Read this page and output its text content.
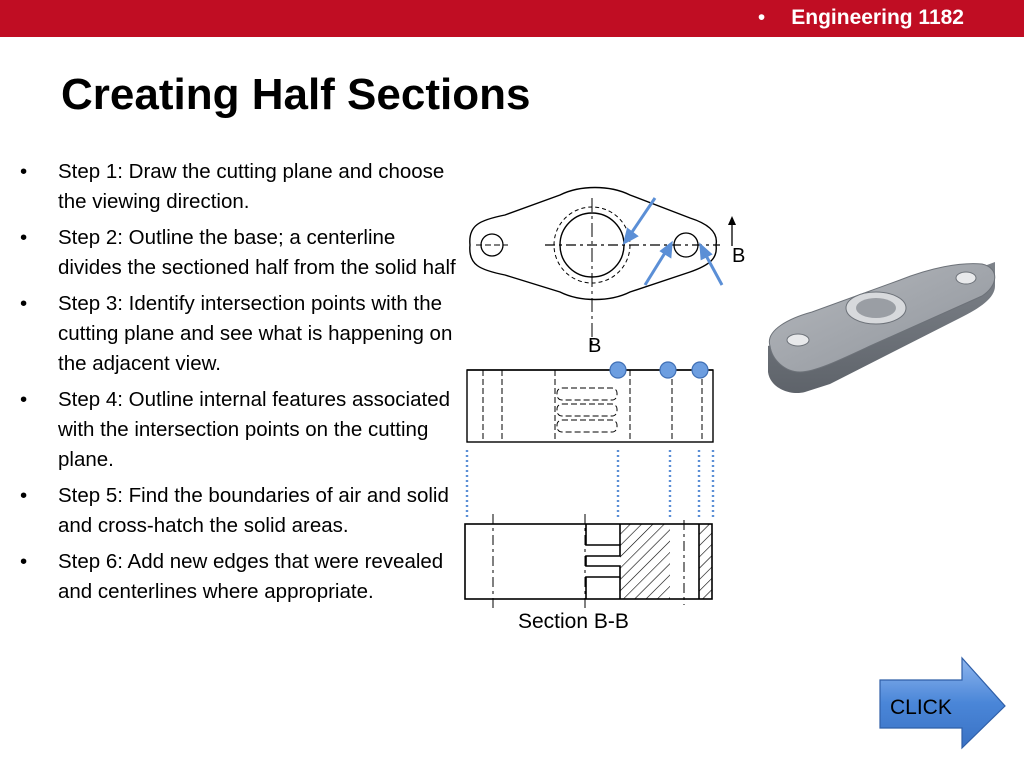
• Engineering 1182
Creating Half Sections
• Step 1: Draw the cutting plane and choose the viewing direction.
• Step 2: Outline the base; a centerline divides the sectioned half from the solid half
• Step 3: Identify intersection points with the cutting plane and see what is happening on the adjacent view.
• Step 4: Outline internal features associated with the intersection points on the cutting plane.
• Step 5: Find the boundaries of air and solid and cross-hatch the solid areas.
• Step 6: Add new edges that were revealed and centerlines where appropriate.
B
B
Section B-B
CLICK
